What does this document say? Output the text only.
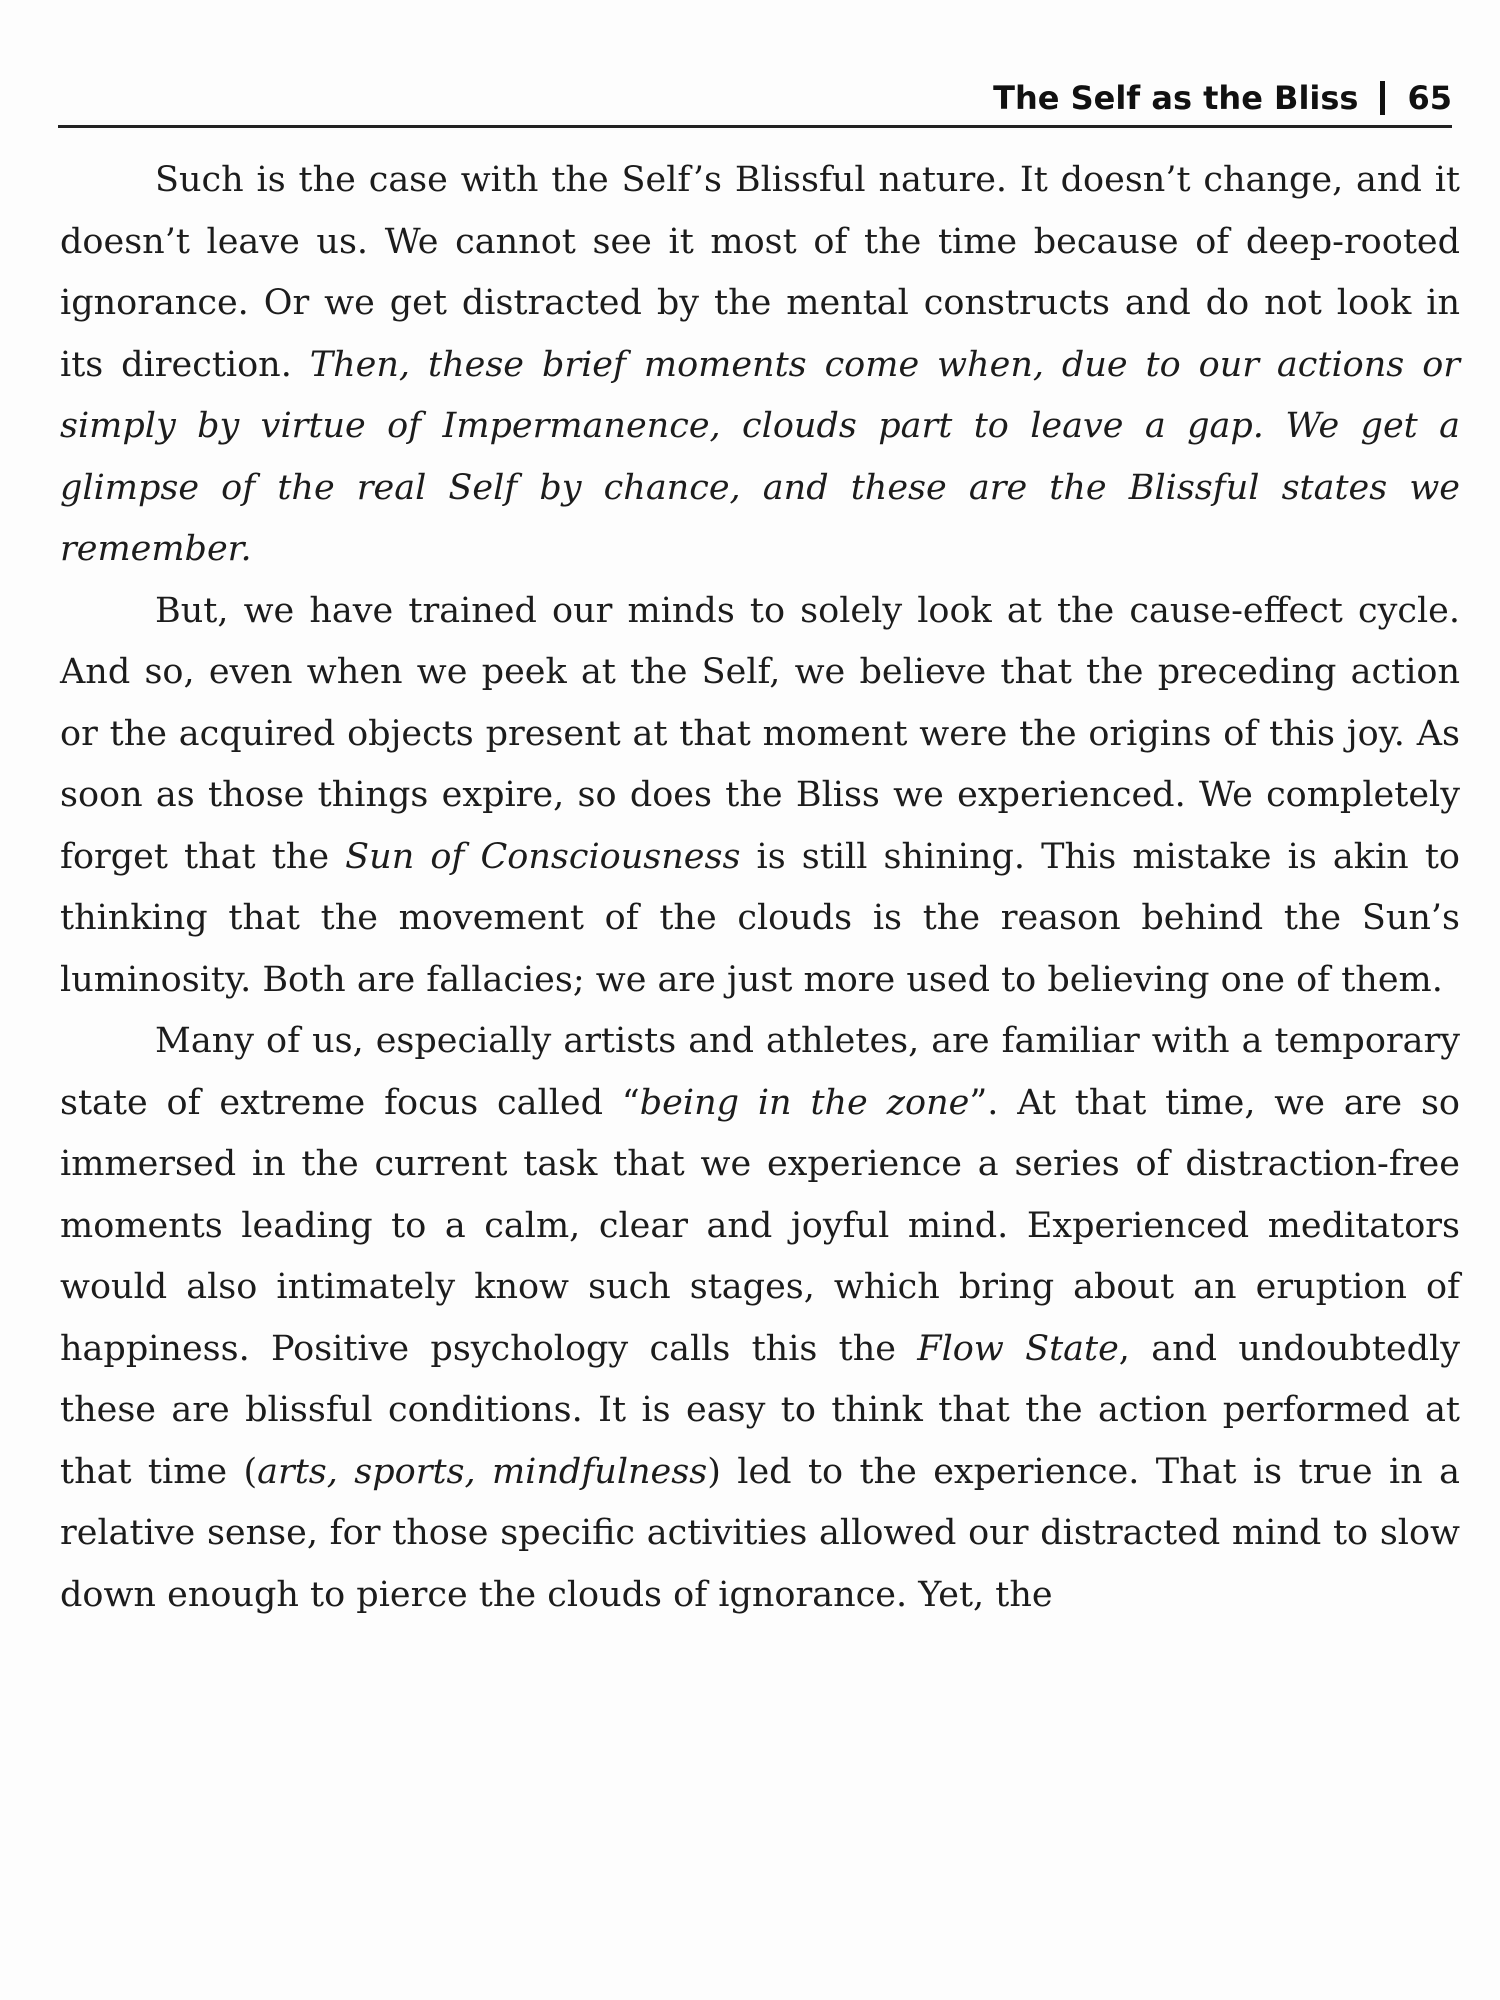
The Self as the Bliss 65

Such is the case with the Self’s Blissful nature. It doesn’t change, and it doesn’t leave us. We cannot see it most of the time because of deep-rooted ignorance. Or we get distracted by the mental constructs and do not look in its direction. Then, these brief moments come when, due to our actions or simply by virtue of Impermanence, clouds part to leave a gap. We get a glimpse of the real Self by chance, and these are the Blissful states we remember.

But, we have trained our minds to solely look at the cause-effect cycle. And so, even when we peek at the Self, we believe that the preceding action or the acquired objects present at that moment were the origins of this joy. As soon as those things expire, so does the Bliss we experienced. We completely forget that the Sun of Consciousness is still shining. This mistake is akin to thinking that the movement of the clouds is the reason behind the Sun’s luminosity. Both are fallacies; we are just more used to believing one of them.

Many of us, especially artists and athletes, are familiar with a temporary state of extreme focus called “being in the zone”. At that time, we are so immersed in the current task that we experience a series of distraction-free moments leading to a calm, clear and joyful mind. Experienced meditators would also intimately know such stages, which bring about an eruption of happiness. Positive psychology calls this the Flow State, and undoubtedly these are blissful conditions. It is easy to think that the action performed at that time (arts, sports, mindfulness) led to the experience. That is true in a relative sense, for those specific activities allowed our distracted mind to slow down enough to pierce the clouds of ignorance. Yet, the
